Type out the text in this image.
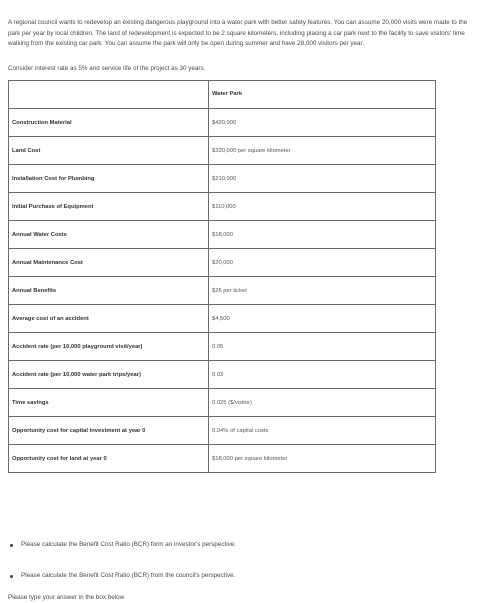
A regional council wants to redevelop an existing dangerous playground into a water park with better safety features. You can assume 20,000 visits were made to the park per year by local children. The land of redevelopment is expected to be 2 square kilometers, including placing a car park next to the facility to save visitors' time walking from the existing car park. You can assume the park will only be open during summer and have 28,000 visitors per year.

Consider interest rate as 5% and service life of the project as 30 years.

	Water Park
Construction Material	$420,000
Land Cost	$320,000 per square kilometer
Installation Cost for Plumbing	$210,000
Initial Purchase of Equipment	$110,000
Annual Water Costs	$18,000
Annual Maintenance Cost	$20,000
Annual Benefits	$26 per ticket
Average cost of an accident	$4,500
Accident rate (per 10,000 playground visit/year)	0.05
Accident rate (per 10,000 water park trips/year)	0.03
Time savings	0.025 ($/visitor)
Opportunity cost for capital investment at year 0	0.04% of capital costs
Opportunity cost for land at year 0	$18,000 per square kilometer
Please calculate the Benefit Cost Ratio (BCR) form an investor's perspective.
Please calculate the Benefit Cost Ratio (BCR) from the council's perspective.

Please type your answer in the box below
